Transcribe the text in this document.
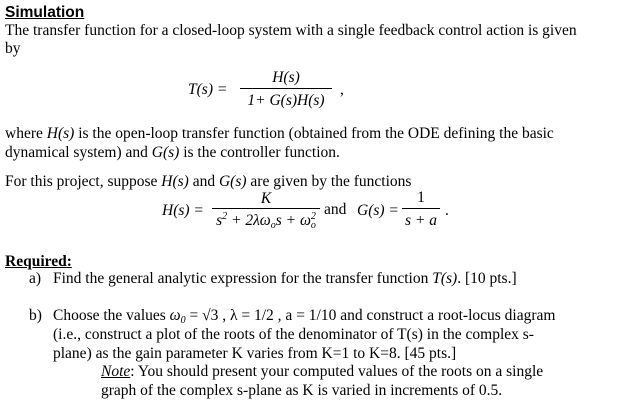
Simulation
The transfer function for a closed-loop system with a single feedback control action is given
by
T(s) =
H(s)
1+ G(s)H(s)
,
where H(s) is the open-loop transfer function (obtained from the ODE defining the basic
dynamical system) and G(s) is the controller function.
For this project, suppose H(s) and G(s) are given by the functions
H(s) =
K
$s^2 + 2\lambda\omega_os + \omega_o^2$ and G(s) =
1
s + a
.
Required:
a) Find the general analytic expression for the transfer function T(s). [10 pts.]
b) Choose the values $\omega_0 = √3$ , λ = 1/2 , a = 1/10 and construct a root-locus diagram
(i.e., construct a plot of the roots of the denominator of T(s) in the complex s-
plane) as the gain parameter K varies from K=1 to K=8. [45 pts.]
Note: You should present your computed values of the roots on a single
graph of the complex s-plane as K is varied in increments of 0.5.
